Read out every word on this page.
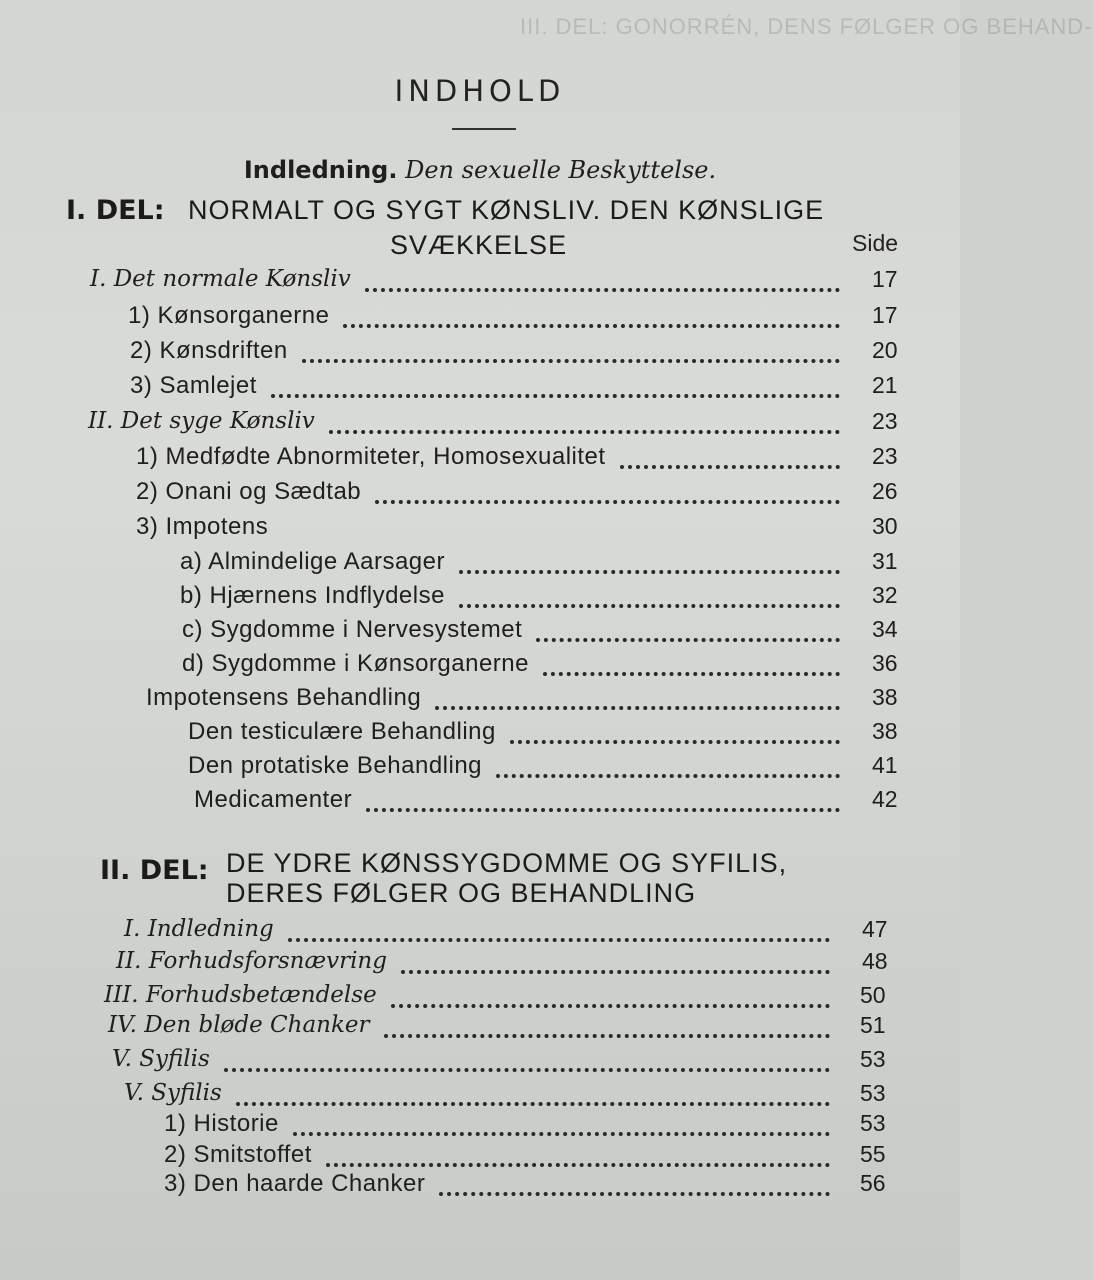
III. DEL: GONORRÉN, DENS FØLGER OG BEHAND-
INDHOLD
Indledning. Den sexuelle Beskyttelse.
I. DEL: NORMALT OG SYGT KØNSLIV. DEN KØNSLIGE
SVÆKKELSE	Side
I. Det normale Kønsliv	17
1) Kønsorganerne	17
2) Kønsdriften	20
3) Samlejet	21
II. Det syge Kønsliv	23
1) Medfødte Abnormiteter, Homosexualitet	23
2) Onani og Sædtab	26
3) Impotens	30
a) Almindelige Aarsager	31
b) Hjærnens Indflydelse	32
c) Sygdomme i Nervesystemet	34
d) Sygdomme i Kønsorganerne	36
Impotensens Behandling	38
Den testiculære Behandling	38
Den protatiske Behandling	41
Medicamenter	42
II. DEL: DE YDRE KØNSSYGDOMME OG SYFILIS,
DERES FØLGER OG BEHANDLING
I. Indledning	47
II. Forhudsforsnævring	48
III. Forhudsbetændelse	50
IV. Den bløde Chanker	51
V. Syfilis	53
V. Syfilis	53
1) Historie	53
2) Smitstoffet	55
3) Den haarde Chanker	56
